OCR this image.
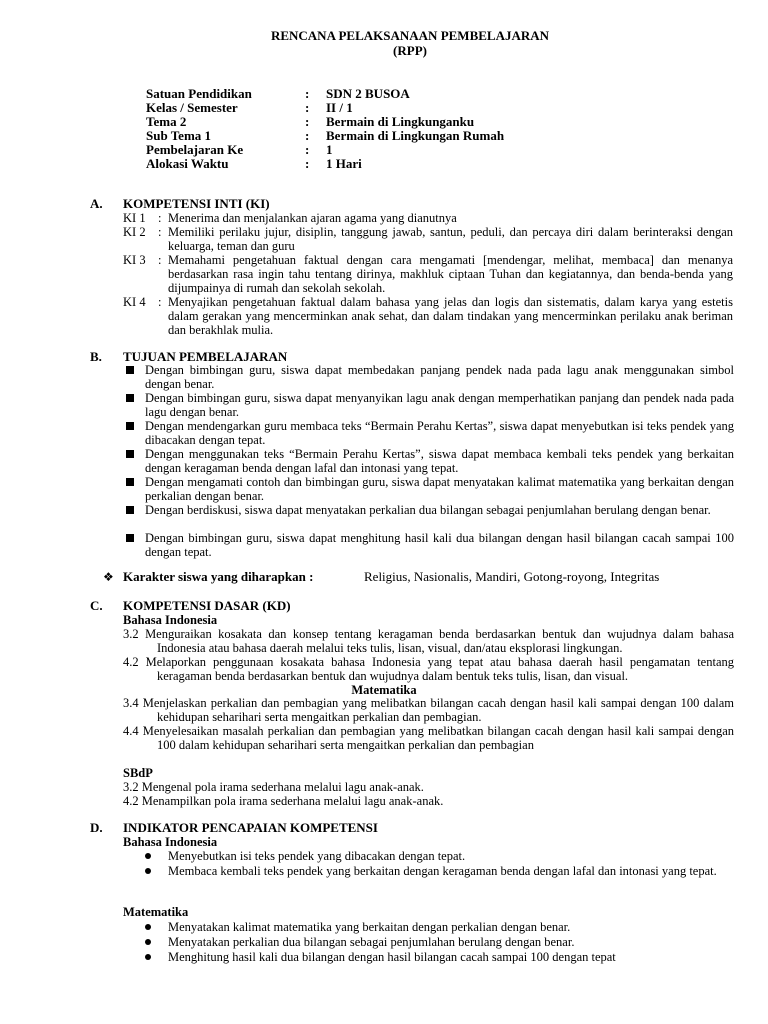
RENCANA PELAKSANAAN PEMBELAJARAN
(RPP)
Satuan Pendidikan	: SDN 2 BUSOA
Kelas / Semester	: II / 1
Tema 2	: Bermain di Lingkunganku
Sub Tema 1	: Bermain di Lingkungan Rumah
Pembelajaran Ke	: 1
Alokasi Waktu	: 1 Hari
A. KOMPETENSI INTI (KI)
KI 1 : Menerima dan menjalankan ajaran agama yang dianutnya
KI 2 : Memiliki perilaku jujur, disiplin, tanggung jawab, santun, peduli, dan percaya diri dalam berinteraksi dengan keluarga, teman dan guru
KI 3 : Memahami pengetahuan faktual dengan cara mengamati [mendengar, melihat, membaca] dan menanya berdasarkan rasa ingin tahu tentang dirinya, makhluk ciptaan Tuhan dan kegiatannya, dan benda-benda yang dijumpainya di rumah dan sekolah sekolah.
KI 4 : Menyajikan pengetahuan faktual dalam bahasa yang jelas dan logis dan sistematis, dalam karya yang estetis dalam gerakan yang mencerminkan anak sehat, dan dalam tindakan yang mencerminkan perilaku anak beriman dan berakhlak mulia.
B. TUJUAN PEMBELAJARAN
Dengan bimbingan guru, siswa dapat membedakan panjang pendek nada pada lagu anak menggunakan simbol dengan benar.
Dengan bimbingan guru, siswa dapat menyanyikan lagu anak dengan memperhatikan panjang dan pendek nada pada lagu dengan benar.
Dengan mendengarkan guru membaca teks “Bermain Perahu Kertas”, siswa dapat menyebutkan isi teks pendek yang dibacakan dengan tepat.
Dengan menggunakan teks “Bermain Perahu Kertas”, siswa dapat membaca kembali teks pendek yang berkaitan dengan keragaman benda dengan lafal dan intonasi yang tepat.
Dengan mengamati contoh dan bimbingan guru, siswa dapat menyatakan kalimat matematika yang berkaitan dengan perkalian dengan benar.
Dengan berdiskusi, siswa dapat menyatakan perkalian dua bilangan sebagai penjumlahan berulang dengan benar.
Dengan bimbingan guru, siswa dapat menghitung hasil kali dua bilangan dengan hasil bilangan cacah sampai 100 dengan tepat.
❖ Karakter siswa yang diharapkan :	Religius, Nasionalis, Mandiri, Gotong-royong, Integritas
C. KOMPETENSI DASAR (KD)
Bahasa Indonesia
3.2 Menguraikan kosakata dan konsep tentang keragaman benda berdasarkan bentuk dan wujudnya dalam bahasa Indonesia atau bahasa daerah melalui teks tulis, lisan, visual, dan/atau eksplorasi lingkungan.
4.2 Melaporkan penggunaan kosakata bahasa Indonesia yang tepat atau bahasa daerah hasil pengamatan tentang keragaman benda berdasarkan bentuk dan wujudnya dalam bentuk teks tulis, lisan, dan visual.
Matematika
3.4 Menjelaskan perkalian dan pembagian yang melibatkan bilangan cacah dengan hasil kali sampai dengan 100 dalam kehidupan seharihari serta mengaitkan perkalian dan pembagian.
4.4 Menyelesaikan masalah perkalian dan pembagian yang melibatkan bilangan cacah dengan hasil kali sampai dengan 100 dalam kehidupan seharihari serta mengaitkan perkalian dan pembagian
SBdP
3.2 Mengenal pola irama sederhana melalui lagu anak-anak.
4.2 Menampilkan pola irama sederhana melalui lagu anak-anak.
D. INDIKATOR PENCAPAIAN KOMPETENSI
Bahasa Indonesia
Menyebutkan isi teks pendek yang dibacakan dengan tepat.
Membaca kembali teks pendek yang berkaitan dengan keragaman benda dengan lafal dan intonasi yang tepat.
Matematika
Menyatakan kalimat matematika yang berkaitan dengan perkalian dengan benar.
Menyatakan perkalian dua bilangan sebagai penjumlahan berulang dengan benar.
Menghitung hasil kali dua bilangan dengan hasil bilangan cacah sampai 100 dengan tepat
